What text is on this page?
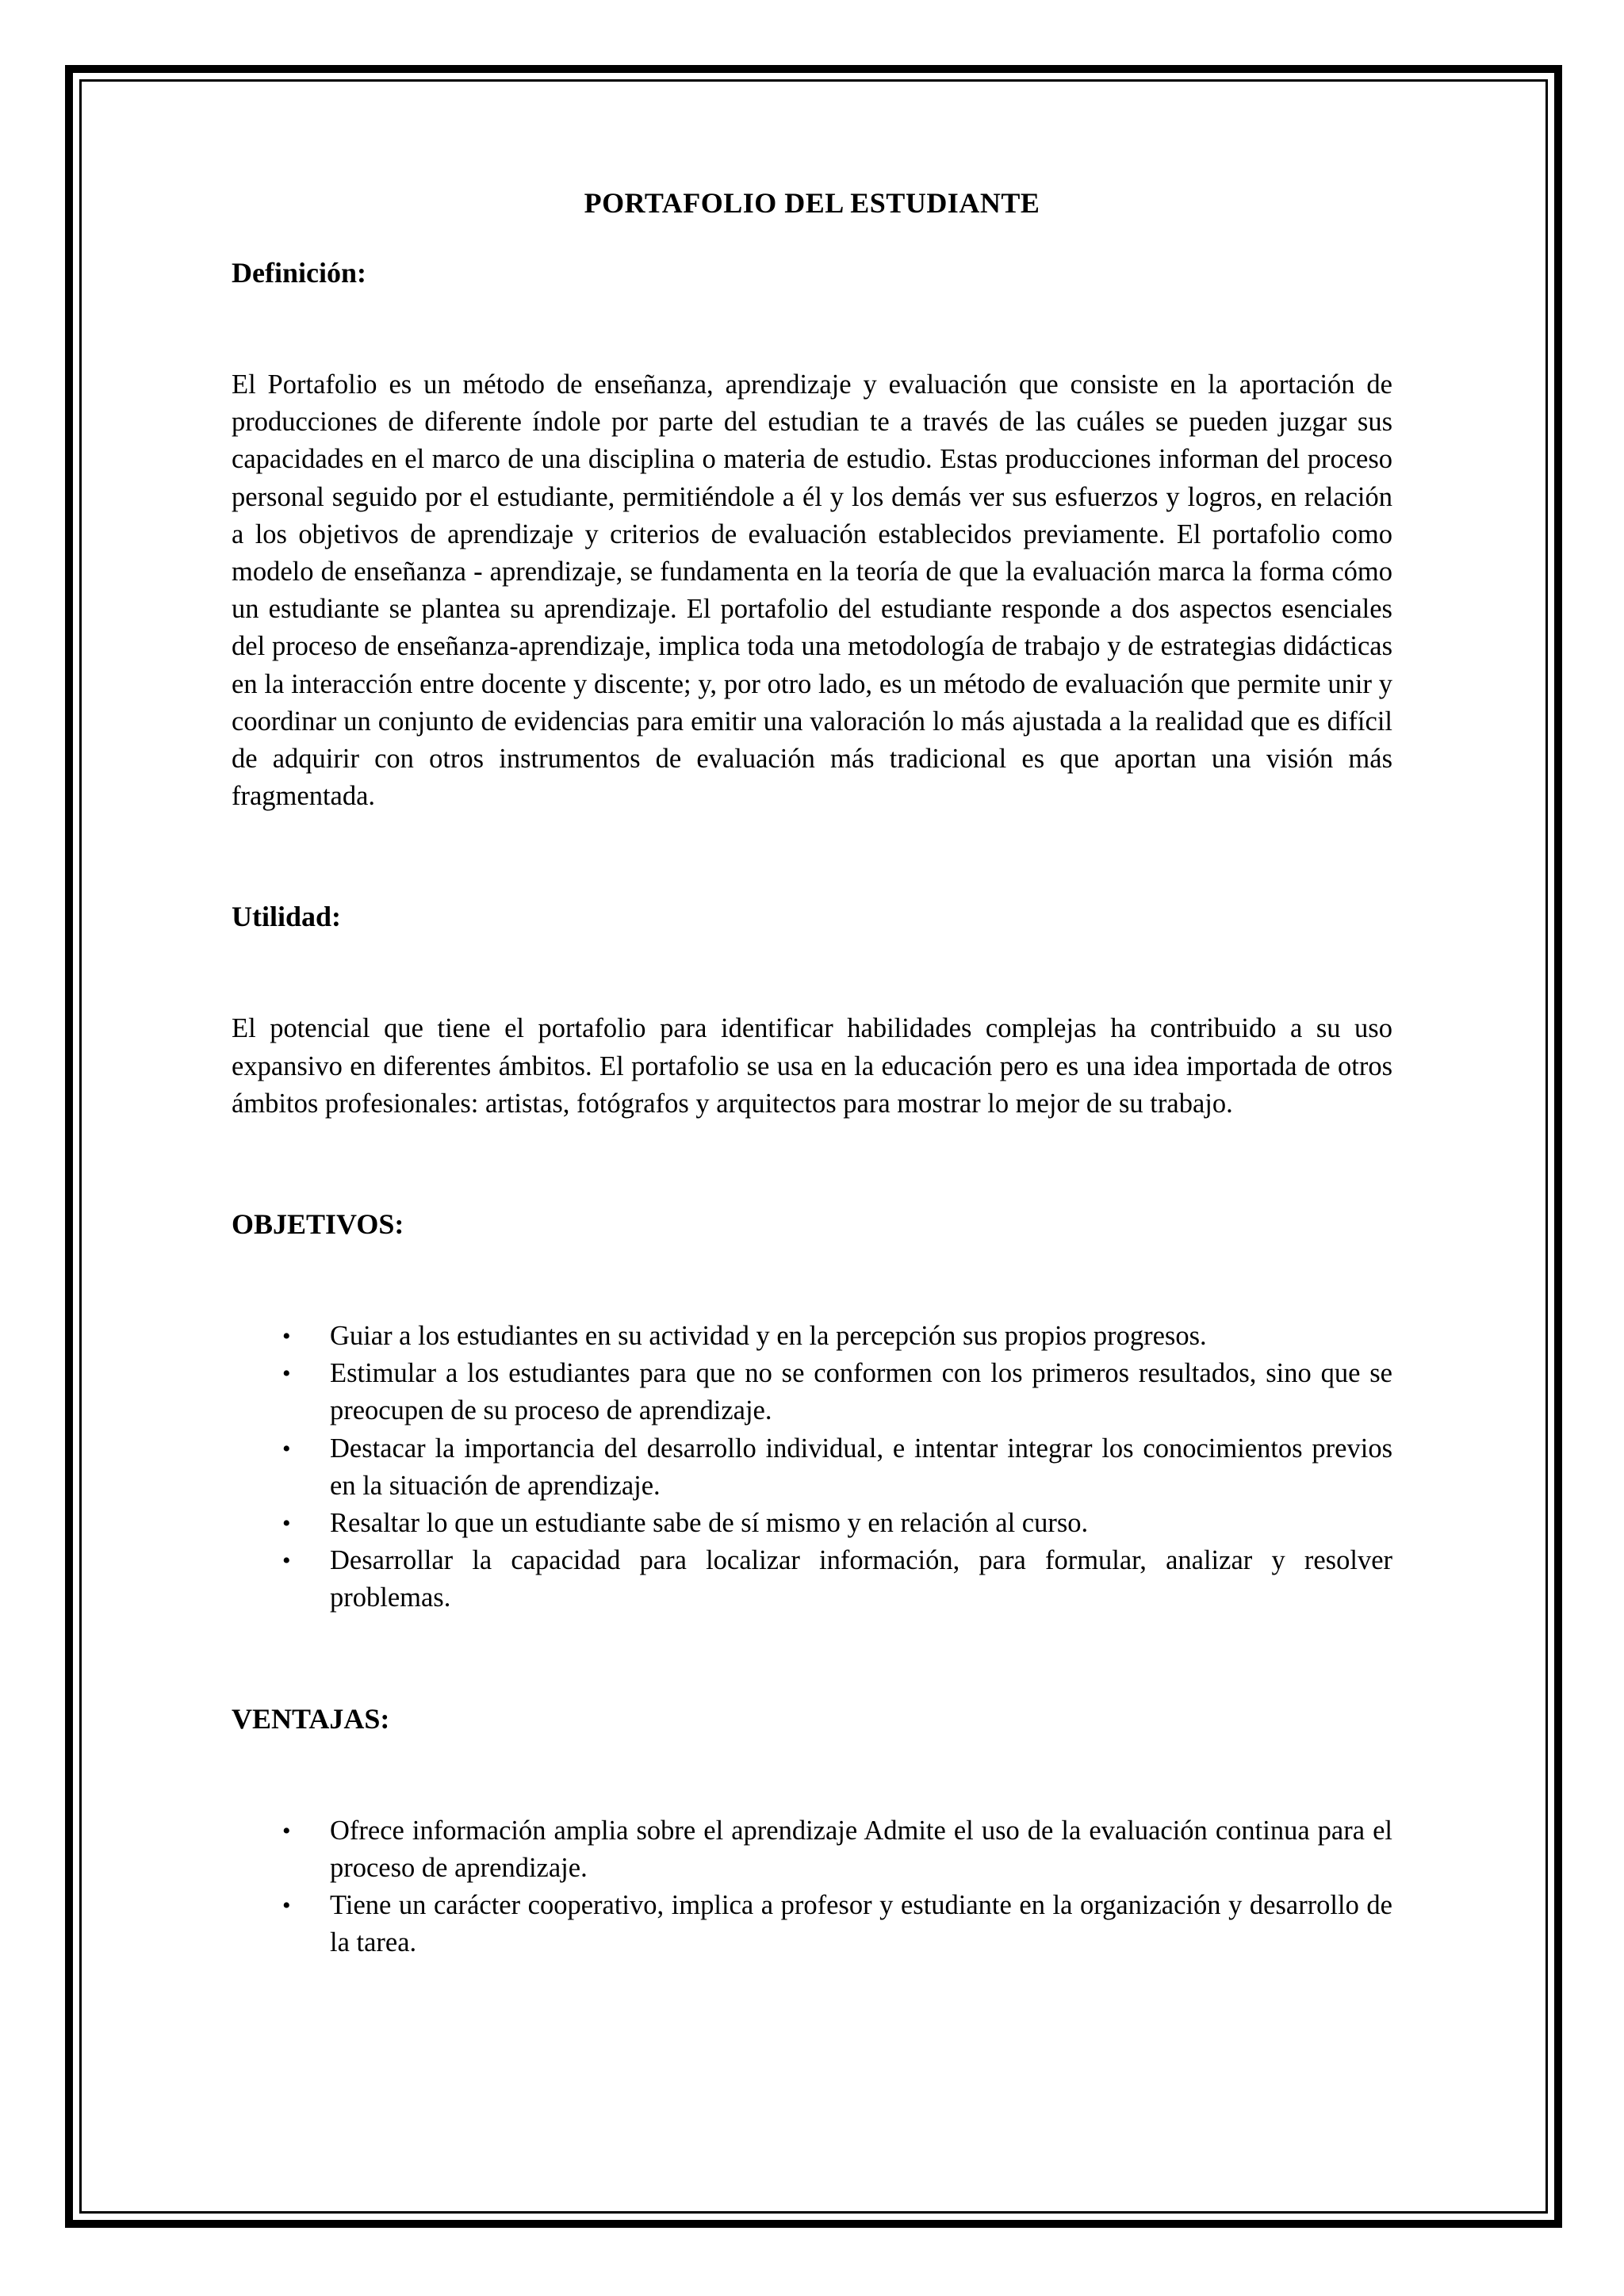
PORTAFOLIO DEL ESTUDIANTE
Definición:

El Portafolio es un método de enseñanza, aprendizaje y evaluación que consiste en la aportación de producciones de diferente índole por parte del estudian te a través de las cuáles se pueden juzgar sus capacidades en el marco de una disciplina o materia de estudio. Estas producciones informan del proceso personal seguido por el estudiante, permitiéndole a él y los demás ver sus esfuerzos y logros, en relación a los objetivos de aprendizaje y criterios de evaluación establecidos previamente. El portafolio como modelo de enseñanza - aprendizaje, se fundamenta en la teoría de que la evaluación marca la forma cómo un estudiante se plantea su aprendizaje. El portafolio del estudiante responde a dos aspectos esenciales del proceso de enseñanza-aprendizaje, implica toda una metodología de trabajo y de estrategias didácticas en la interacción entre docente y discente; y, por otro lado, es un método de evaluación que permite unir y coordinar un conjunto de evidencias para emitir una valoración lo más ajustada a la realidad que es difícil de adquirir con otros instrumentos de evaluación más tradicional es que aportan una visión más fragmentada.

Utilidad:

El potencial que tiene el portafolio para identificar habilidades complejas ha contribuido a su uso expansivo en diferentes ámbitos. El portafolio se usa en la educación pero es una idea importada de otros ámbitos profesionales: artistas, fotógrafos y arquitectos para mostrar lo mejor de su trabajo.

OBJETIVOS:
• Guiar a los estudiantes en su actividad y en la percepción sus propios progresos.
• Estimular a los estudiantes para que no se conformen con los primeros resultados, sino que se preocupen de su proceso de aprendizaje.
• Destacar la importancia del desarrollo individual, e intentar integrar los conocimientos previos en la situación de aprendizaje.
• Resaltar lo que un estudiante sabe de sí mismo y en relación al curso.
• Desarrollar la capacidad para localizar información, para formular, analizar y resolver problemas.
VENTAJAS:
• Ofrece información amplia sobre el aprendizaje Admite el uso de la evaluación continua para el proceso de aprendizaje.
• Tiene un carácter cooperativo, implica a profesor y estudiante en la organización y desarrollo de la tarea.
